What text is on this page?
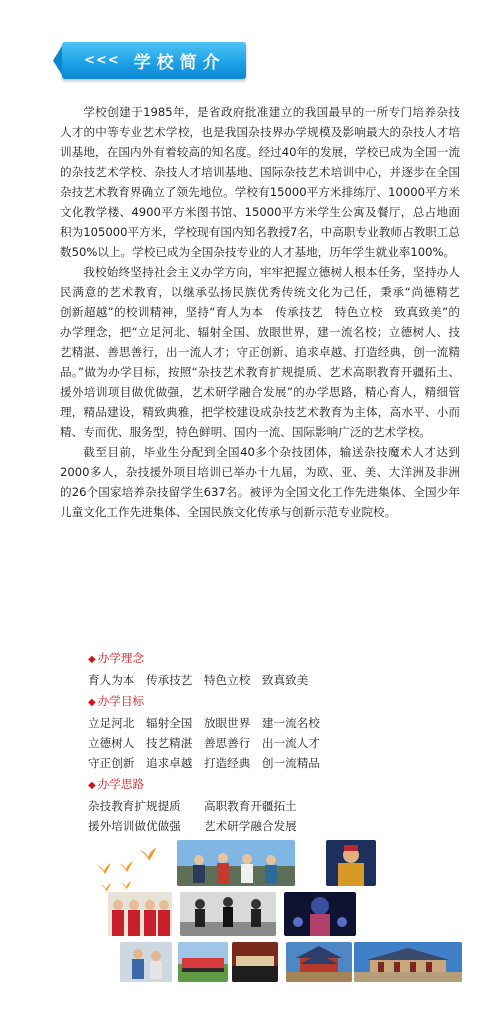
<<< 学校简介

学校创建于1985年，是省政府批准建立的我国最早的一所专门培养杂技人才的中等专业艺术学校，也是我国杂技界办学规模及影响最大的杂技人才培训基地，在国内外有着较高的知名度。经过40年的发展，学校已成为全国一流的杂技艺术学校、杂技人才培训基地、国际杂技艺术培训中心，并逐步在全国杂技艺术教育界确立了领先地位。学校有15000平方米排练厅、10000平方米文化教学楼、4900平方米图书馆、15000平方米学生公寓及餐厅，总占地面积为105000平方米，学校现有国内知名教授7名，中高职专业教师占教职工总数50%以上。学校已成为全国杂技专业的人才基地，历年学生就业率100%。

我校始终坚持社会主义办学方向，牢牢把握立德树人根本任务，坚持办人民满意的艺术教育，以继承弘扬民族优秀传统文化为己任，秉承“尚德精艺　创新超越”的校训精神，坚持“育人为本　传承技艺　特色立校　致真致美”的办学理念，把“立足河北、辐射全国、放眼世界，建一流名校；立德树人、技艺精湛、善思善行，出一流人才；守正创新、追求卓越、打造经典，创一流精品。”做为办学目标，按照“杂技艺术教育扩规提质、艺术高职教育开疆拓土、援外培训项目做优做强，艺术研学融合发展”的办学思路，精心育人，精细管理，精品建设，精致典雅，把学校建设成杂技艺术教育为主体，高水平、小而精、专而优、服务型，特色鲜明、国内一流、国际影响广泛的艺术学校。

截至目前，毕业生分配到全国40多个杂技团体，输送杂技魔术人才达到2000多人，杂技援外项目培训已举办十九届，为欧、亚、美、大洋洲及非洲的26个国家培养杂技留学生637名。被评为全国文化工作先进集体、全国少年儿童文化工作先进集体、全国民族文化传承与创新示范专业院校。

◆ 办学理念
育人为本　传承技艺　特色立校　致真致美
◆ 办学目标
立足河北　辐射全国　放眼世界　建一流名校
立德树人　技艺精湛　善思善行　出一流人才
守正创新　追求卓越　打造经典　创一流精品
◆ 办学思路
杂技教育扩规提质　　高职教育开疆拓土
援外培训做优做强　　艺术研学融合发展
